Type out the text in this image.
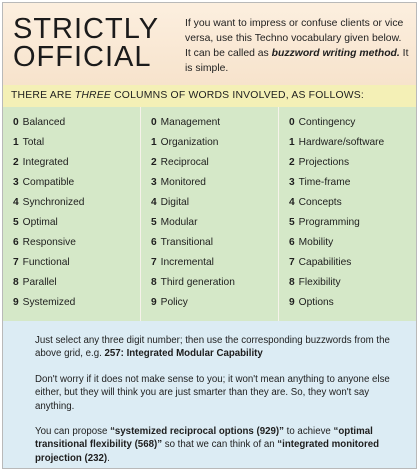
STRICTLY
OFFICIAL
If you want to impress or confuse clients or vice versa, use this Techno vocabulary given below. It can be called as buzzword writing method. It is simple.
THERE ARE THREE COLUMNS OF WORDS INVOLVED, AS FOLLOWS:
0 Balanced
1 Total
2 Integrated
3 Compatible
4 Synchronized
5 Optimal
6 Responsive
7 Functional
8 Parallel
9 Systemized
0 Management
1 Organization
2 Reciprocal
3 Monitored
4 Digital
5 Modular
6 Transitional
7 Incremental
8 Third generation
9 Policy
0 Contingency
1 Hardware/software
2 Projections
3 Time-frame
4 Concepts
5 Programming
6 Mobility
7 Capabilities
8 Flexibility
9 Options
Just select any three digit number; then use the corresponding buzzwords from the above grid, e.g. 257: Integrated Modular Capability
Don't worry if it does not make sense to you; it won't mean anything to anyone else either, but they will think you are just smarter than they are. So, they won't say anything.
You can propose “systemized reciprocal options (929)” to achieve “optimal transitional flexibility (568)” so that we can think of an “integrated monitored projection (232).
